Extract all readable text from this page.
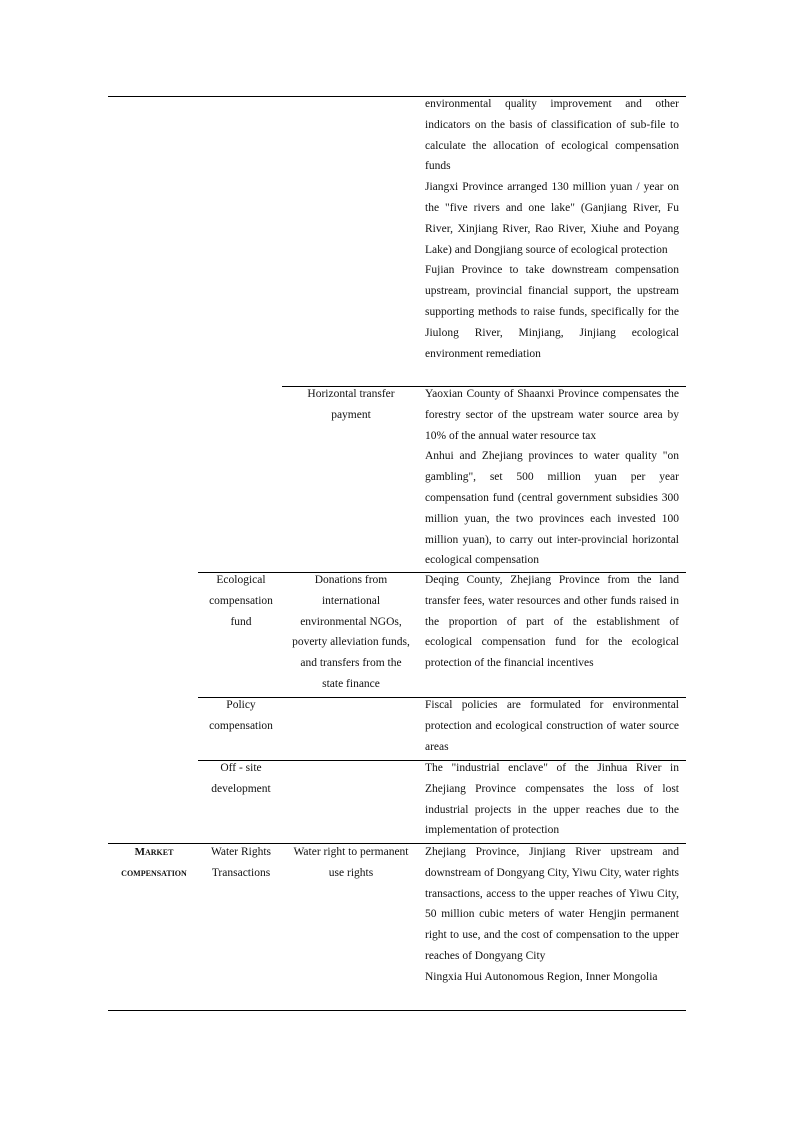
environmental quality improvement and other indicators on the basis of classification of sub-file to calculate the allocation of ecological compensation funds

Jiangxi Province arranged 130 million yuan / year on the "five rivers and one lake" (Ganjiang River, Fu River, Xinjiang River, Rao River, Xiuhe and Poyang Lake) and Dongjiang source of ecological protection

Fujian Province to take downstream compensation upstream, provincial financial support, the upstream supporting methods to raise funds, specifically for the Jiulong River, Minjiang, Jinjiang ecological environment remediation

Horizontal transfer payment

Yaoxian County of Shaanxi Province compensates the forestry sector of the upstream water source area by 10% of the annual water resource tax

Anhui and Zhejiang provinces to water quality "on gambling", set 500 million yuan per year compensation fund (central government subsidies 300 million yuan, the two provinces each invested 100 million yuan), to carry out inter-provincial horizontal ecological compensation

Ecological compensation fund
Donations from international environmental NGOs, poverty alleviation funds, and transfers from the state finance

Deqing County, Zhejiang Province from the land transfer fees, water resources and other funds raised in the proportion of part of the establishment of ecological compensation fund for the ecological protection of the financial incentives

Policy compensation

Fiscal policies are formulated for environmental protection and ecological construction of water source areas

Off - site development

The "industrial enclave" of the Jinhua River in Zhejiang Province compensates the loss of lost industrial projects in the upper reaches due to the implementation of protection

Market compensation
Water Rights Transactions
Water right to permanent use rights

Zhejiang Province, Jinjiang River upstream and downstream of Dongyang City, Yiwu City, water rights transactions, access to the upper reaches of Yiwu City, 50 million cubic meters of water Hengjin permanent right to use, and the cost of compensation to the upper reaches of Dongyang City

Ningxia Hui Autonomous Region, Inner Mongolia
